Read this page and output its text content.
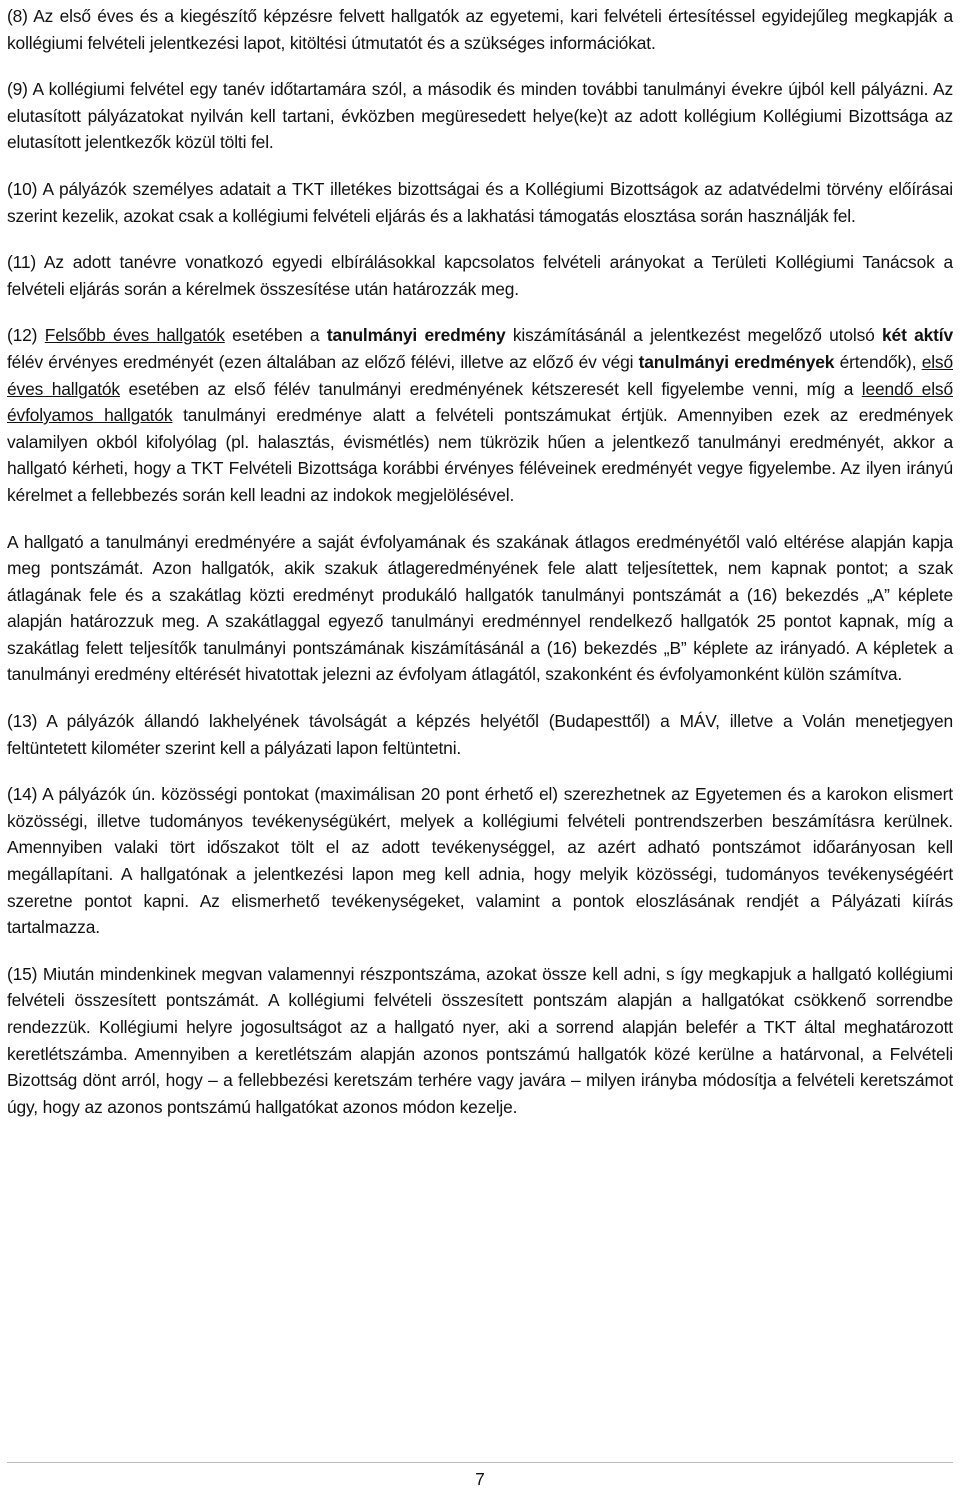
(8) Az első éves és a kiegészítő képzésre felvett hallgatók az egyetemi, kari felvételi értesítéssel egyidejűleg megkapják a kollégiumi felvételi jelentkezési lapot, kitöltési útmutatót és a szükséges információkat.

(9) A kollégiumi felvétel egy tanév időtartamára szól, a második és minden további tanulmányi évekre újból kell pályázni. Az elutasított pályázatokat nyilván kell tartani, évközben megüresedett helye(ke)t az adott kollégium Kollégiumi Bizottsága az elutasított jelentkezők közül tölti fel.

(10) A pályázók személyes adatait a TKT illetékes bizottságai és a Kollégiumi Bizottságok az adatvédelmi törvény előírásai szerint kezelik, azokat csak a kollégiumi felvételi eljárás és a lakhatási támogatás elosztása során használják fel.

(11) Az adott tanévre vonatkozó egyedi elbírálásokkal kapcsolatos felvételi arányokat a Területi Kollégiumi Tanácsok a felvételi eljárás során a kérelmek összesítése után határozzák meg.

(12) Felsőbb éves hallgatók esetében a tanulmányi eredmény kiszámításánál a jelentkezést megelőző utolsó két aktív félév érvényes eredményét (ezen általában az előző félévi, illetve az előző év végi tanulmányi eredmények értendők), első éves hallgatók esetében az első félév tanulmányi eredményének kétszeresét kell figyelembe venni, míg a leendő első évfolyamos hallgatók tanulmányi eredménye alatt a felvételi pontszámukat értjük. Amennyiben ezek az eredmények valamilyen okból kifolyólag (pl. halasztás, évismétlés) nem tükrözik hűen a jelentkező tanulmányi eredményét, akkor a hallgató kérheti, hogy a TKT Felvételi Bizottsága korábbi érvényes féléveinek eredményét vegye figyelembe. Az ilyen irányú kérelmet a fellebbezés során kell leadni az indokok megjelölésével.

A hallgató a tanulmányi eredményére a saját évfolyamának és szakának átlagos eredményétől való eltérése alapján kapja meg pontszámát. Azon hallgatók, akik szakuk átlageredményének fele alatt teljesítettek, nem kapnak pontot; a szak átlagának fele és a szakátlag közti eredményt produkáló hallgatók tanulmányi pontszámát a (16) bekezdés „A” képlete alapján határozzuk meg. A szakátlaggal egyező tanulmányi eredménnyel rendelkező hallgatók 25 pontot kapnak, míg a szakátlag felett teljesítők tanulmányi pontszámának kiszámításánál a (16) bekezdés „B” képlete az irányadó. A képletek a tanulmányi eredmény eltérését hivatottak jelezni az évfolyam átlagától, szakonként és évfolyamonként külön számítva.

(13) A pályázók állandó lakhelyének távolságát a képzés helyétől (Budapesttől) a MÁV, illetve a Volán menetjegyen feltüntetett kilométer szerint kell a pályázati lapon feltüntetni.

(14) A pályázók ún. közösségi pontokat (maximálisan 20 pont érhető el) szerezhetnek az Egyetemen és a karokon elismert közösségi, illetve tudományos tevékenységükért, melyek a kollégiumi felvételi pontrendszerben beszámításra kerülnek. Amennyiben valaki tört időszakot tölt el az adott tevékenységgel, az azért adható pontszámot időarányosan kell megállapítani. A hallgatónak a jelentkezési lapon meg kell adnia, hogy melyik közösségi, tudományos tevékenységéért szeretne pontot kapni. Az elismerhető tevékenységeket, valamint a pontok eloszlásának rendjét a Pályázati kiírás tartalmazza.

(15) Miután mindenkinek megvan valamennyi részpontszáma, azokat össze kell adni, s így megkapjuk a hallgató kollégiumi felvételi összesített pontszámát. A kollégiumi felvételi összesített pontszám alapján a hallgatókat csökkenő sorrendbe rendezzük. Kollégiumi helyre jogosultságot az a hallgató nyer, aki a sorrend alapján belefér a TKT által meghatározott keretlétszámba. Amennyiben a keretlétszám alapján azonos pontszámú hallgatók közé kerülne a határvonal, a Felvételi Bizottság dönt arról, hogy – a fellebbezési keretszám terhére vagy javára – milyen irányba módosítja a felvételi keretszámot úgy, hogy az azonos pontszámú hallgatókat azonos módon kezelje.

7
